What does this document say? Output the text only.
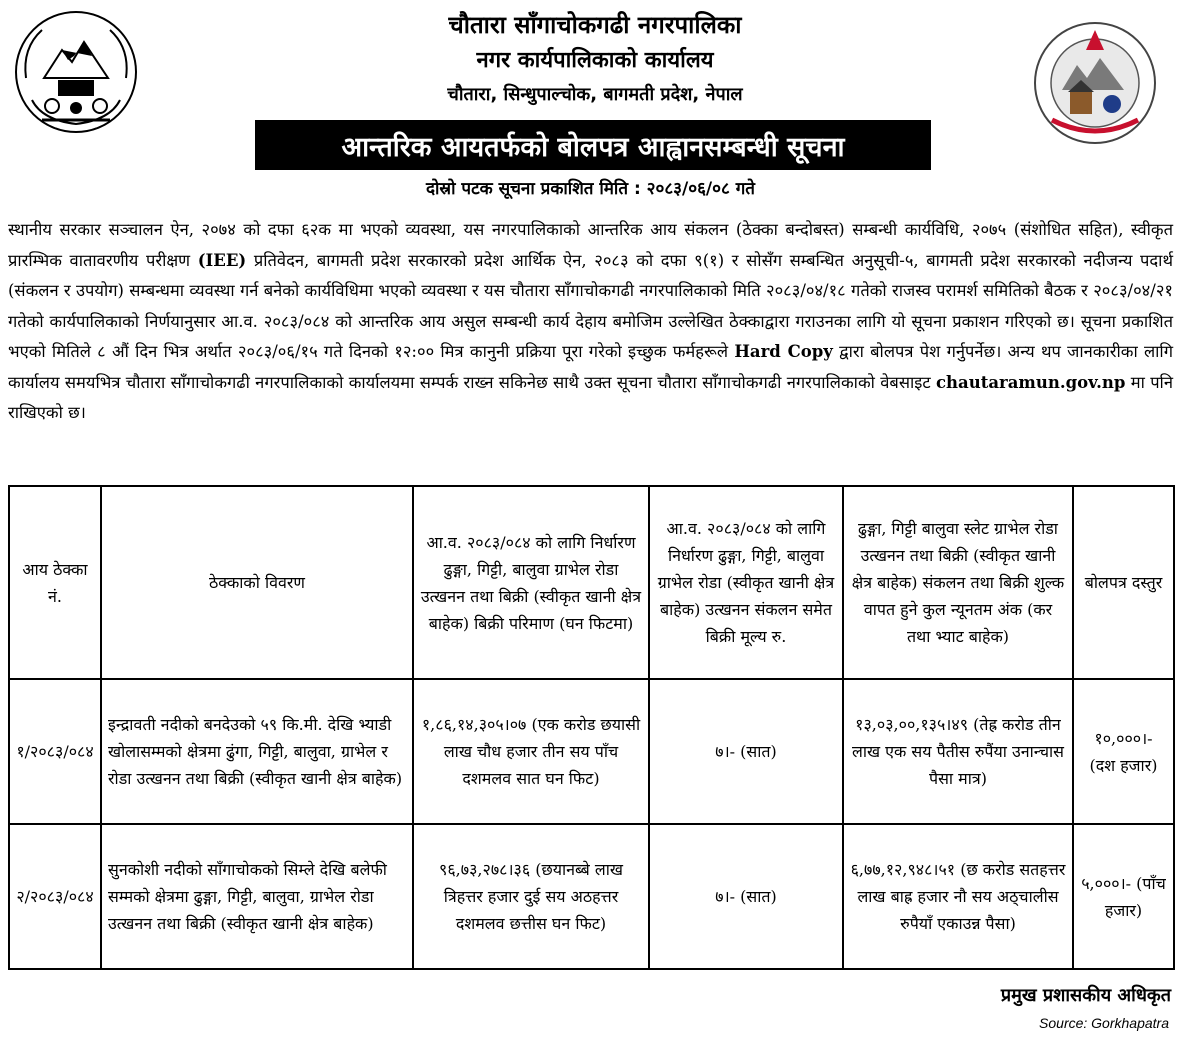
चौतारा साँगाचोकगढी नगरपालिका
नगर कार्यपालिकाको कार्यालय
चौतारा, सिन्धुपाल्चोक, बागमती प्रदेश, नेपाल
आन्तरिक आयतर्फको बोलपत्र आह्वानसम्बन्धी सूचना
दोस्रो पटक सूचना प्रकाशित मिति : २०८३/०६/०८ गते
स्थानीय सरकार सञ्चालन ऐन, २०७४ को दफा ६२क मा भएको व्यवस्था, यस नगरपालिकाको आन्तरिक आय संकलन (ठेक्का बन्दोबस्त) सम्बन्धी कार्यविधि, २०७५ (संशोधित सहित), स्वीकृत प्रारम्भिक वातावरणीय परीक्षण (IEE) प्रतिवेदन, बागमती प्रदेश सरकारको प्रदेश आर्थिक ऐन, २०८३ को दफा ९(१) र सोसँग सम्बन्धित अनुसूची-५, बागमती प्रदेश सरकारको नदीजन्य पदार्थ (संकलन र उपयोग) सम्बन्धमा व्यवस्था गर्न बनेको कार्यविधिमा भएको व्यवस्था र यस चौतारा साँगाचोकगढी नगरपालिकाको मिति २०८३/०४/१८ गतेको राजस्व परामर्श समितिको बैठक र २०८३/०४/२१ गतेको कार्यपालिकाको निर्णयानुसार आ.व. २०८३/०८४ को आन्तरिक आय असुल सम्बन्धी कार्य देहाय बमोजिम उल्लेखित ठेक्काद्वारा गराउनका लागि यो सूचना प्रकाशन गरिएको छ। सूचना प्रकाशित भएको मितिले ८ औं दिन भित्र अर्थात २०८३/०६/१५ गते दिनको १२:०० मित्र कानुनी प्रक्रिया पूरा गरेको इच्छुक फर्महरूले Hard Copy द्वारा बोलपत्र पेश गर्नुपर्नेछ। अन्य थप जानकारीका लागि कार्यालय समयभित्र चौतारा साँगाचोकगढी नगरपालिकाको कार्यालयमा सम्पर्क राख्न सकिनेछ साथै उक्त सूचना चौतारा साँगाचोकगढी नगरपालिकाको वेबसाइट chautaramun.gov.np मा पनि राखिएको छ।
आय ठेक्का नं.	ठेक्काको विवरण	आ.व. २०८३/०८४ को लागि निर्धारण ढुङ्गा, गिट्टी, बालुवा ग्राभेल रोडा उत्खनन तथा बिक्री (स्वीकृत खानी क्षेत्र बाहेक) बिक्री परिमाण (घन फिटमा)	आ.व. २०८३/०८४ को लागि निर्धारण ढुङ्गा, गिट्टी, बालुवा ग्राभेल रोडा (स्वीकृत खानी क्षेत्र बाहेक) उत्खनन संकलन समेत बिक्री मूल्य रु.	ढुङ्गा, गिट्टी बालुवा स्लेट ग्राभेल रोडा उत्खनन तथा बिक्री (स्वीकृत खानी क्षेत्र बाहेक) संकलन तथा बिक्री शुल्क वापत हुने कुल न्यूनतम अंक (कर तथा भ्याट बाहेक)	बोलपत्र दस्तुर
१/२०८३/०८४	इन्द्रावती नदीको बनदेउको ५९ कि.मी. देखि भ्याडी खोलासम्मको क्षेत्रमा ढुंगा, गिट्टी, बालुवा, ग्राभेल र रोडा उत्खनन तथा बिक्री (स्वीकृत खानी क्षेत्र बाहेक)	१,८६,१४,३०५।०७ (एक करोड छयासी लाख चौध हजार तीन सय पाँच दशमलव सात घन फिट)	७।- (सात)	१३,०३,००,१३५।४९ (तेह्र करोड तीन लाख एक सय पैतीस रुपैंया उनान्चास पैसा मात्र)	१०,०००।- (दश हजार)
२/२०८३/०८४	सुनकोशी नदीको साँगाचोकको सिम्ले देखि बलेफी सम्मको क्षेत्रमा ढुङ्गा, गिट्टी, बालुवा, ग्राभेल रोडा उत्खनन तथा बिक्री (स्वीकृत खानी क्षेत्र बाहेक)	९६,७३,२७८।३६ (छयानब्बे लाख त्रिहत्तर हजार दुई सय अठहत्तर दशमलव छत्तीस घन फिट)	७।- (सात)	६,७७,१२,९४८।५१ (छ करोड सतहत्तर लाख बाह्र हजार नौ सय अठ्चालीस रुपैयाँ एकाउन्न पैसा)	५,०००।- (पाँच हजार)
प्रमुख प्रशासकीय अधिकृत
Source: Gorkhapatra
